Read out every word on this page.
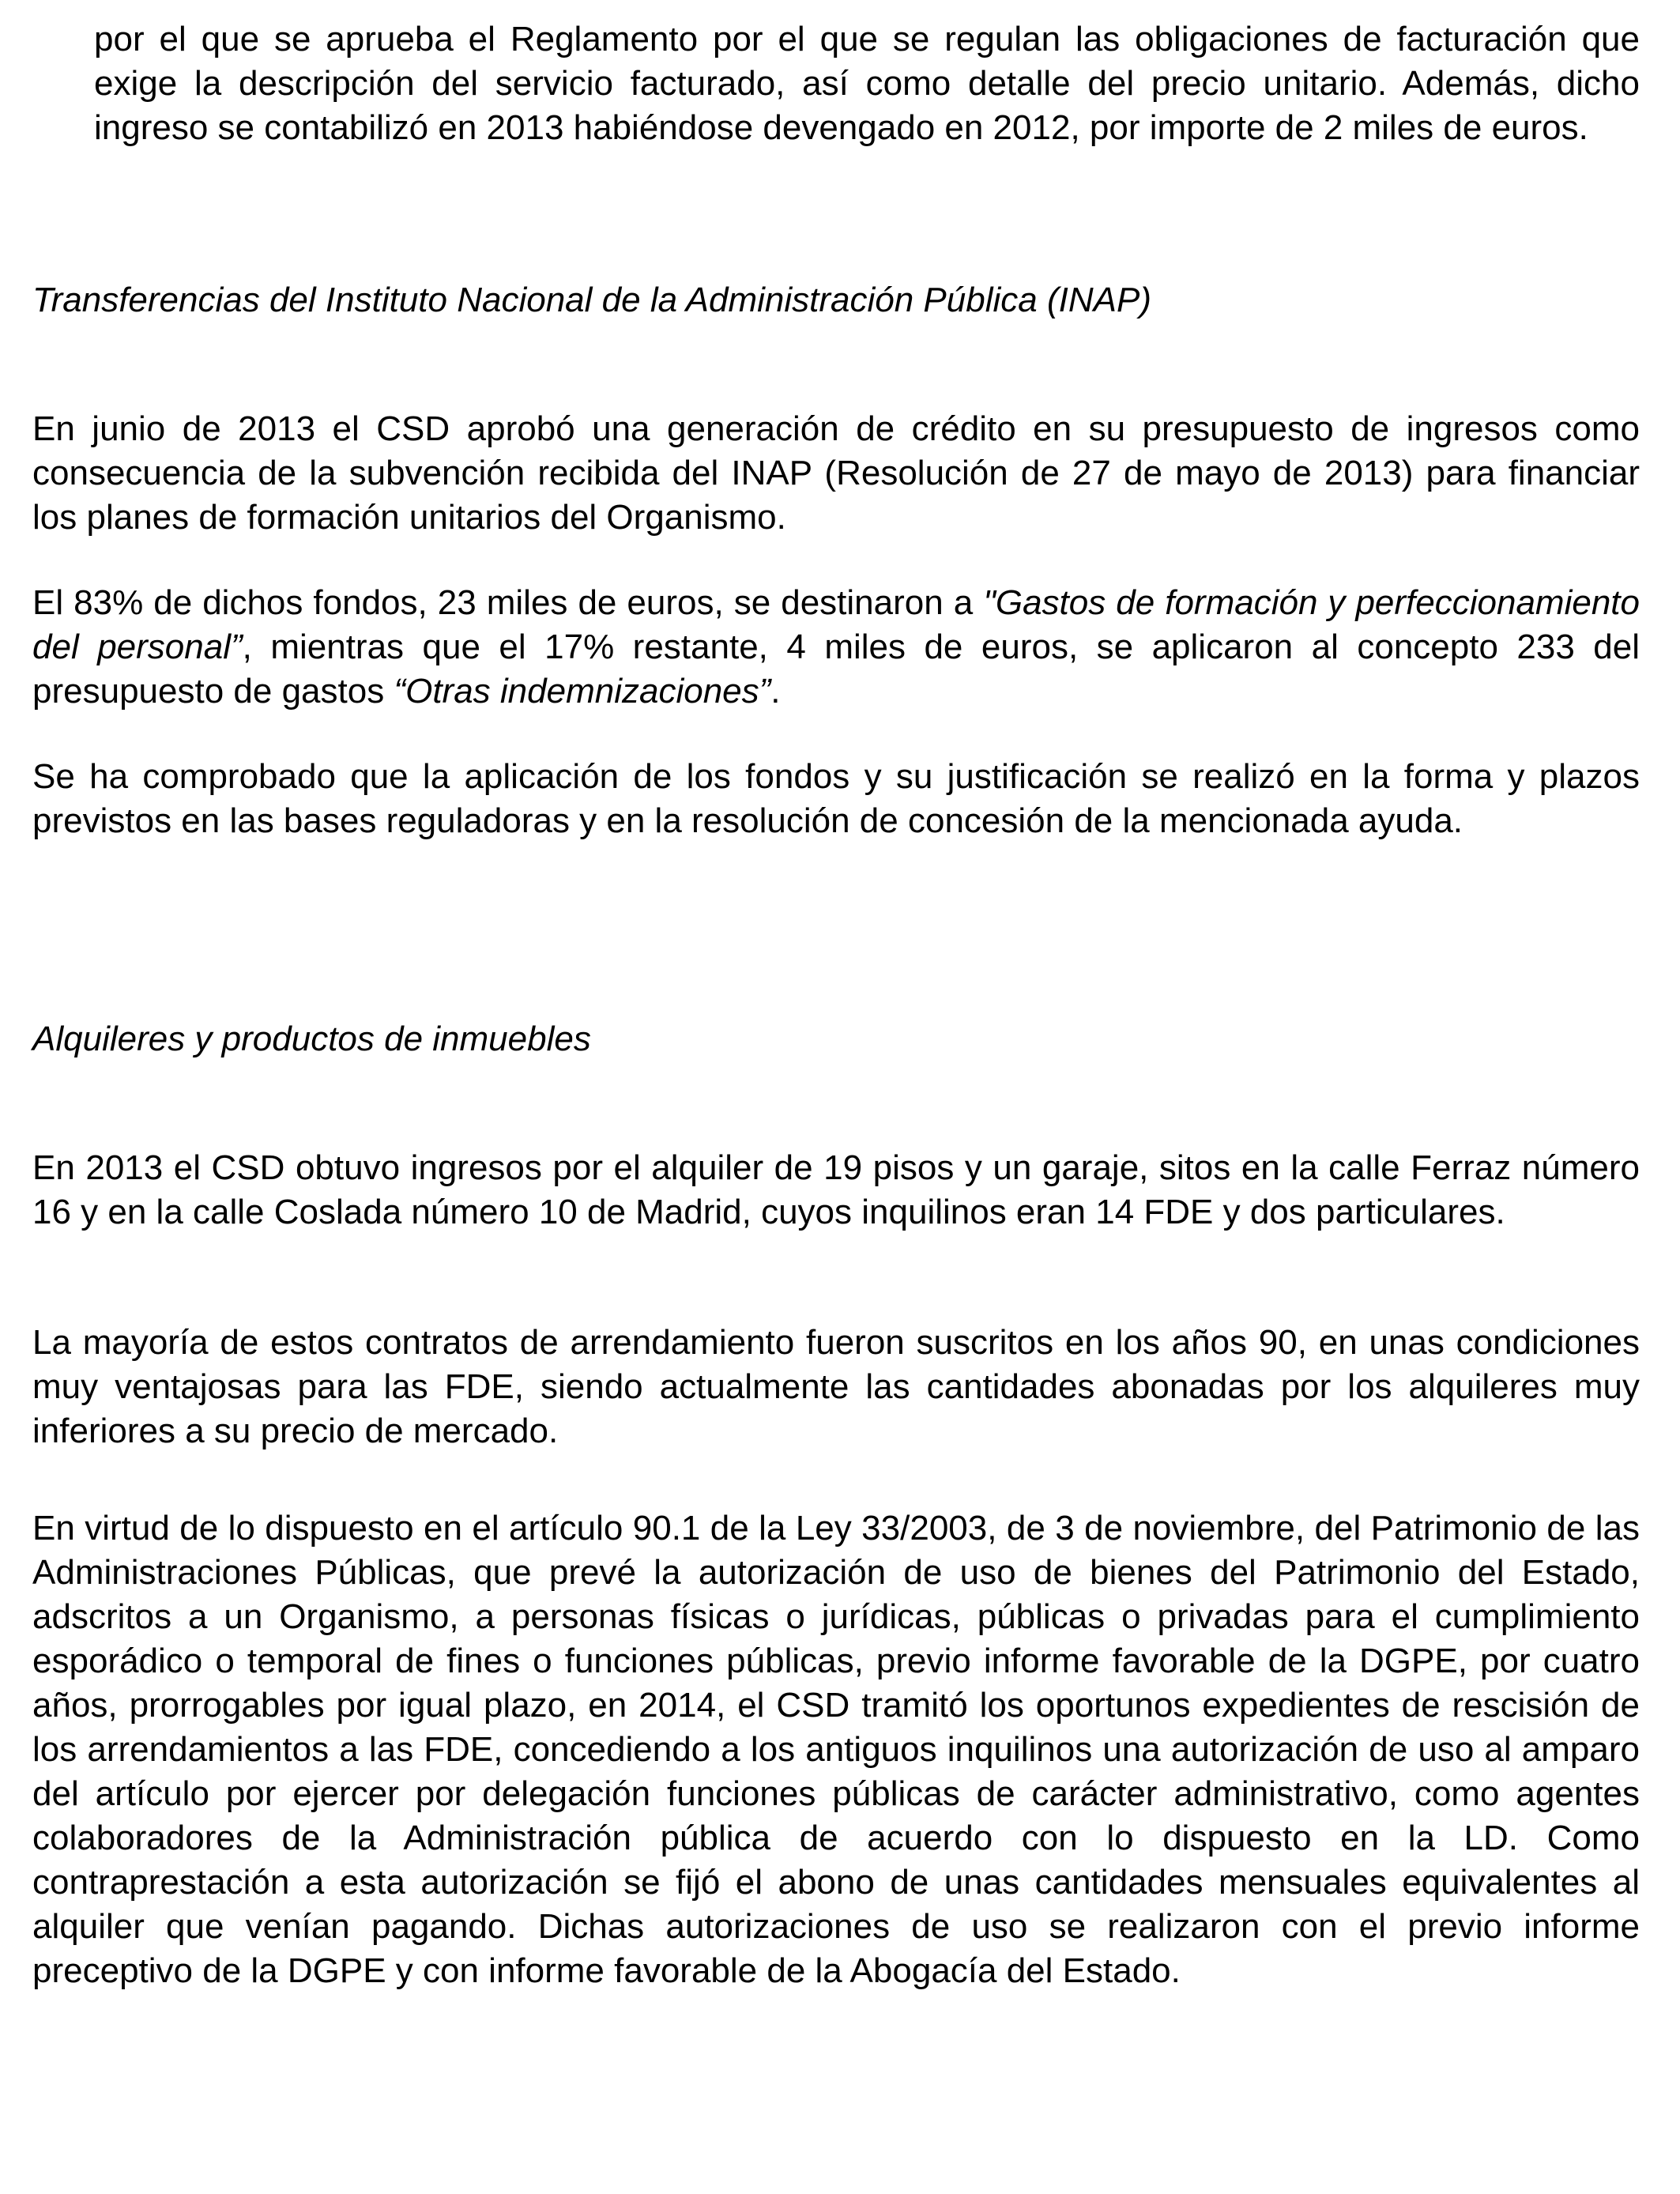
por el que se aprueba el Reglamento por el que se regulan las obligaciones de facturación que exige la descripción del servicio facturado, así como detalle del precio unitario. Además, dicho ingreso se contabilizó en 2013 habiéndose devengado en 2012, por importe de 2 miles de euros.

Transferencias del Instituto Nacional de la Administración Pública (INAP)

En junio de 2013 el CSD aprobó una generación de crédito en su presupuesto de ingresos como consecuencia de la subvención recibida del INAP (Resolución de 27 de mayo de 2013) para financiar los planes de formación unitarios del Organismo.

El 83% de dichos fondos, 23 miles de euros, se destinaron a "Gastos de formación y perfeccionamiento del personal”, mientras que el 17% restante, 4 miles de euros, se aplicaron al concepto 233 del presupuesto de gastos “Otras indemnizaciones”.

Se ha comprobado que la aplicación de los fondos y su justificación se realizó en la forma y plazos previstos en las bases reguladoras y en la resolución de concesión de la mencionada ayuda.

Alquileres y productos de inmuebles

En 2013 el CSD obtuvo ingresos por el alquiler de 19 pisos y un garaje, sitos en la calle Ferraz número 16 y en la calle Coslada número 10 de Madrid, cuyos inquilinos eran 14 FDE y dos particulares.

La mayoría de estos contratos de arrendamiento fueron suscritos en los años 90, en unas condiciones muy ventajosas para las FDE, siendo actualmente las cantidades abonadas por los alquileres muy inferiores a su precio de mercado.

En virtud de lo dispuesto en el artículo 90.1 de la Ley 33/2003, de 3 de noviembre, del Patrimonio de las Administraciones Públicas, que prevé la autorización de uso de bienes del Patrimonio del Estado, adscritos a un Organismo, a personas físicas o jurídicas, públicas o privadas para el cumplimiento esporádico o temporal de fines o funciones públicas, previo informe favorable de la DGPE, por cuatro años, prorrogables por igual plazo, en 2014, el CSD tramitó los oportunos expedientes de rescisión de los arrendamientos a las FDE, concediendo a los antiguos inquilinos una autorización de uso al amparo del artículo por ejercer por delegación funciones públicas de carácter administrativo, como agentes colaboradores de la Administración pública de acuerdo con lo dispuesto en la LD. Como contraprestación a esta autorización se fijó el abono de unas cantidades mensuales equivalentes al alquiler que venían pagando. Dichas autorizaciones de uso se realizaron con el previo informe preceptivo de la DGPE y con informe favorable de la Abogacía del Estado.
